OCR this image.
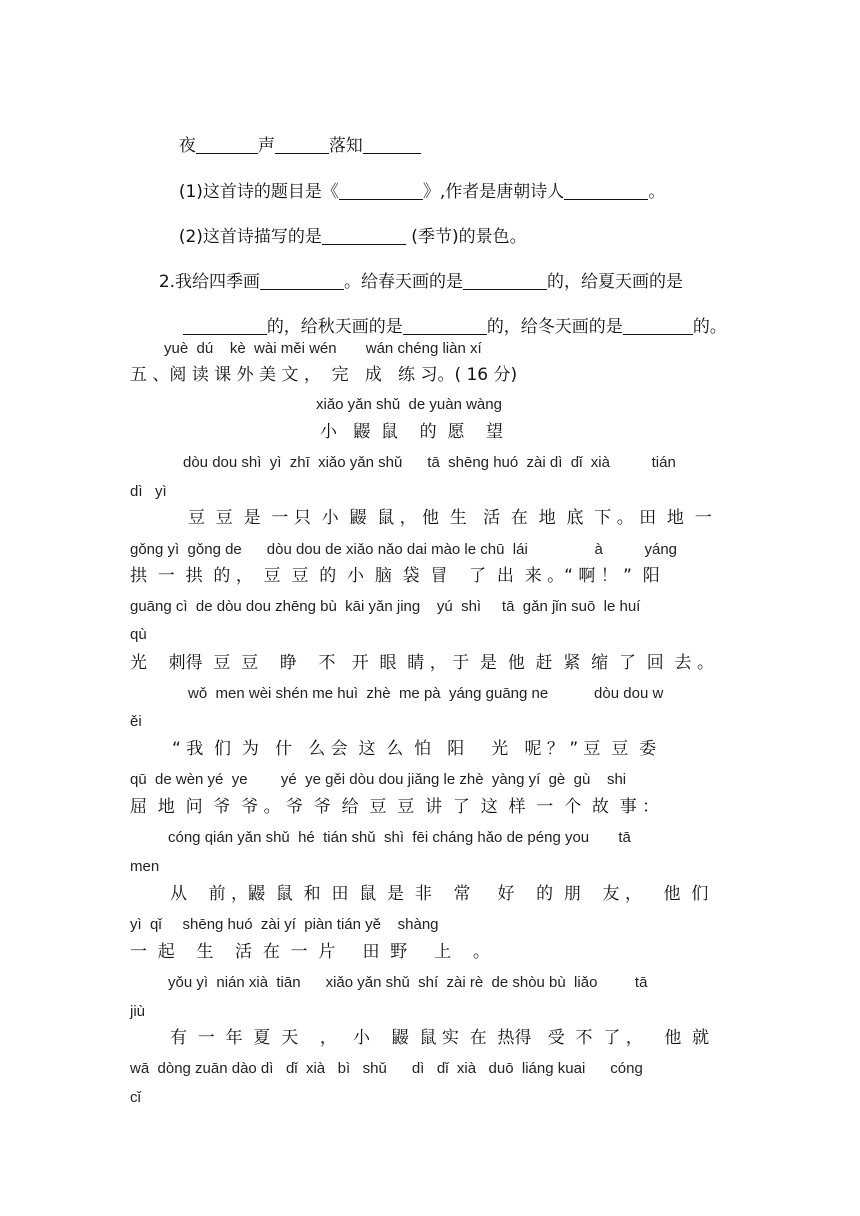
夜	声	落知

(1)这首诗的题目是《	》,作者是唐朝诗人	。

(2)这首诗描写的是	(季节)的景色。

2.我给四季画	。给春天画的是	的，给夏天画的是

的，给秋天画的是	的，给冬天画的是	的。

yuè  dú    kè  wài měi wén       wán chéng liàn xí
五 、阅 读 课 外 美 文 ，  完   成   练 习。( 16 分)
xiǎo yǎn shǔ  de yuàn wàng
小   鼹  鼠    的  愿    望
dòu dou shì  yì  zhī  xiǎo yǎn shǔ      tā  shēng huó  zài dì  dǐ  xià          tián
dì   yì
豆  豆  是  一 只  小  鼹  鼠 ， 他  生   活  在  地  底  下 。 田  地  一
gǒng yì  gǒng de      dòu dou de xiǎo nǎo dai mào le chū  lái                à          yáng
拱  一  拱  的 ，  豆  豆  的  小  脑  袋  冒    了  出  来 。“ 啊 ！ ”  阳
guāng cì  de dòu dou zhēng bù  kāi yǎn jing    yú  shì     tā  gǎn jǐn suō  le huí
qù
光    刺得  豆  豆    睁    不   开  眼  睛 ， 于  是  他  赶  紧  缩  了  回  去 。
wǒ  men wèi shén me huì  zhè  me pà  yáng guāng ne           dòu dou w
ěi
“ 我  们  为   什   么 会  这  么  怕   阳     光   呢 ？ ” 豆  豆  委
qū  de wèn yé  ye        yé  ye gěi dòu dou jiǎng le zhè  yàng yí  gè  gù    shi
屈  地  问  爷  爷 。 爷  爷  给  豆  豆  讲  了  这  样  一  个  故  事 ：
cóng qián yǎn shǔ  hé  tián shǔ  shì  fēi cháng hǎo de péng you       tā
men
从    前 ，鼹  鼠  和  田  鼠  是  非    常     好    的  朋    友 ，    他  们
yì  qǐ     shēng huó  zài yí  piàn tián yě    shàng
一  起    生    活  在  一  片     田  野     上    。
yǒu yì  nián xià  tiān      xiǎo yǎn shǔ  shí  zài rè  de shòu bù  liǎo         tā
jiù
有  一  年  夏  天    ，   小    鼹  鼠 实  在  热得   受  不  了 ，    他  就
wā  dòng zuān dào dì   dǐ  xià   bì   shǔ      dì   dǐ  xià   duō  liáng kuai      cóng
cǐ
